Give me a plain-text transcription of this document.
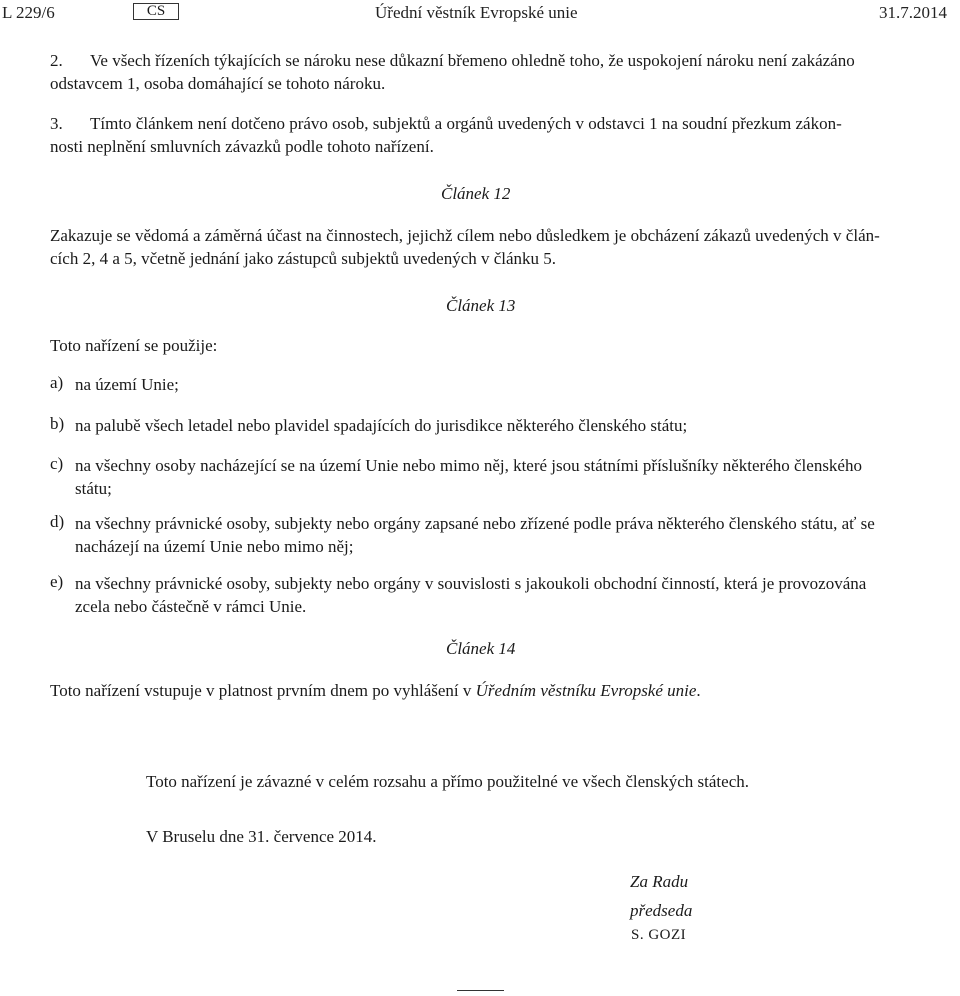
L 229/6	CS	Úřední věstník Evropské unie	31.7.2014
2. Ve všech řízeních týkajících se nároku nese důkazní břemeno ohledně toho, že uspokojení nároku není zakázáno
odstavcem 1, osoba domáhající se tohoto nároku.
3. Tímto článkem není dotčeno právo osob, subjektů a orgánů uvedených v odstavci 1 na soudní přezkum zákon-
nosti neplnění smluvních závazků podle tohoto nařízení.
Článek 12
Zakazuje se vědomá a záměrná účast na činnostech, jejichž cílem nebo důsledkem je obcházení zákazů uvedených v člán-
cích 2, 4 a 5, včetně jednání jako zástupců subjektů uvedených v článku 5.
Článek 13
Toto nařízení se použije:
a) na území Unie;
b) na palubě všech letadel nebo plavidel spadajících do jurisdikce některého členského státu;
c) na všechny osoby nacházející se na území Unie nebo mimo něj, které jsou státními příslušníky některého členského
státu;
d) na všechny právnické osoby, subjekty nebo orgány zapsané nebo zřízené podle práva některého členského státu, ať se
nacházejí na území Unie nebo mimo něj;
e) na všechny právnické osoby, subjekty nebo orgány v souvislosti s jakoukoli obchodní činností, která je provozována
zcela nebo částečně v rámci Unie.
Článek 14
Toto nařízení vstupuje v platnost prvním dnem po vyhlášení v Úředním věstníku Evropské unie.
Toto nařízení je závazné v celém rozsahu a přímo použitelné ve všech členských státech.
V Bruselu dne 31. července 2014.
Za Radu
předseda
S. GOZI
